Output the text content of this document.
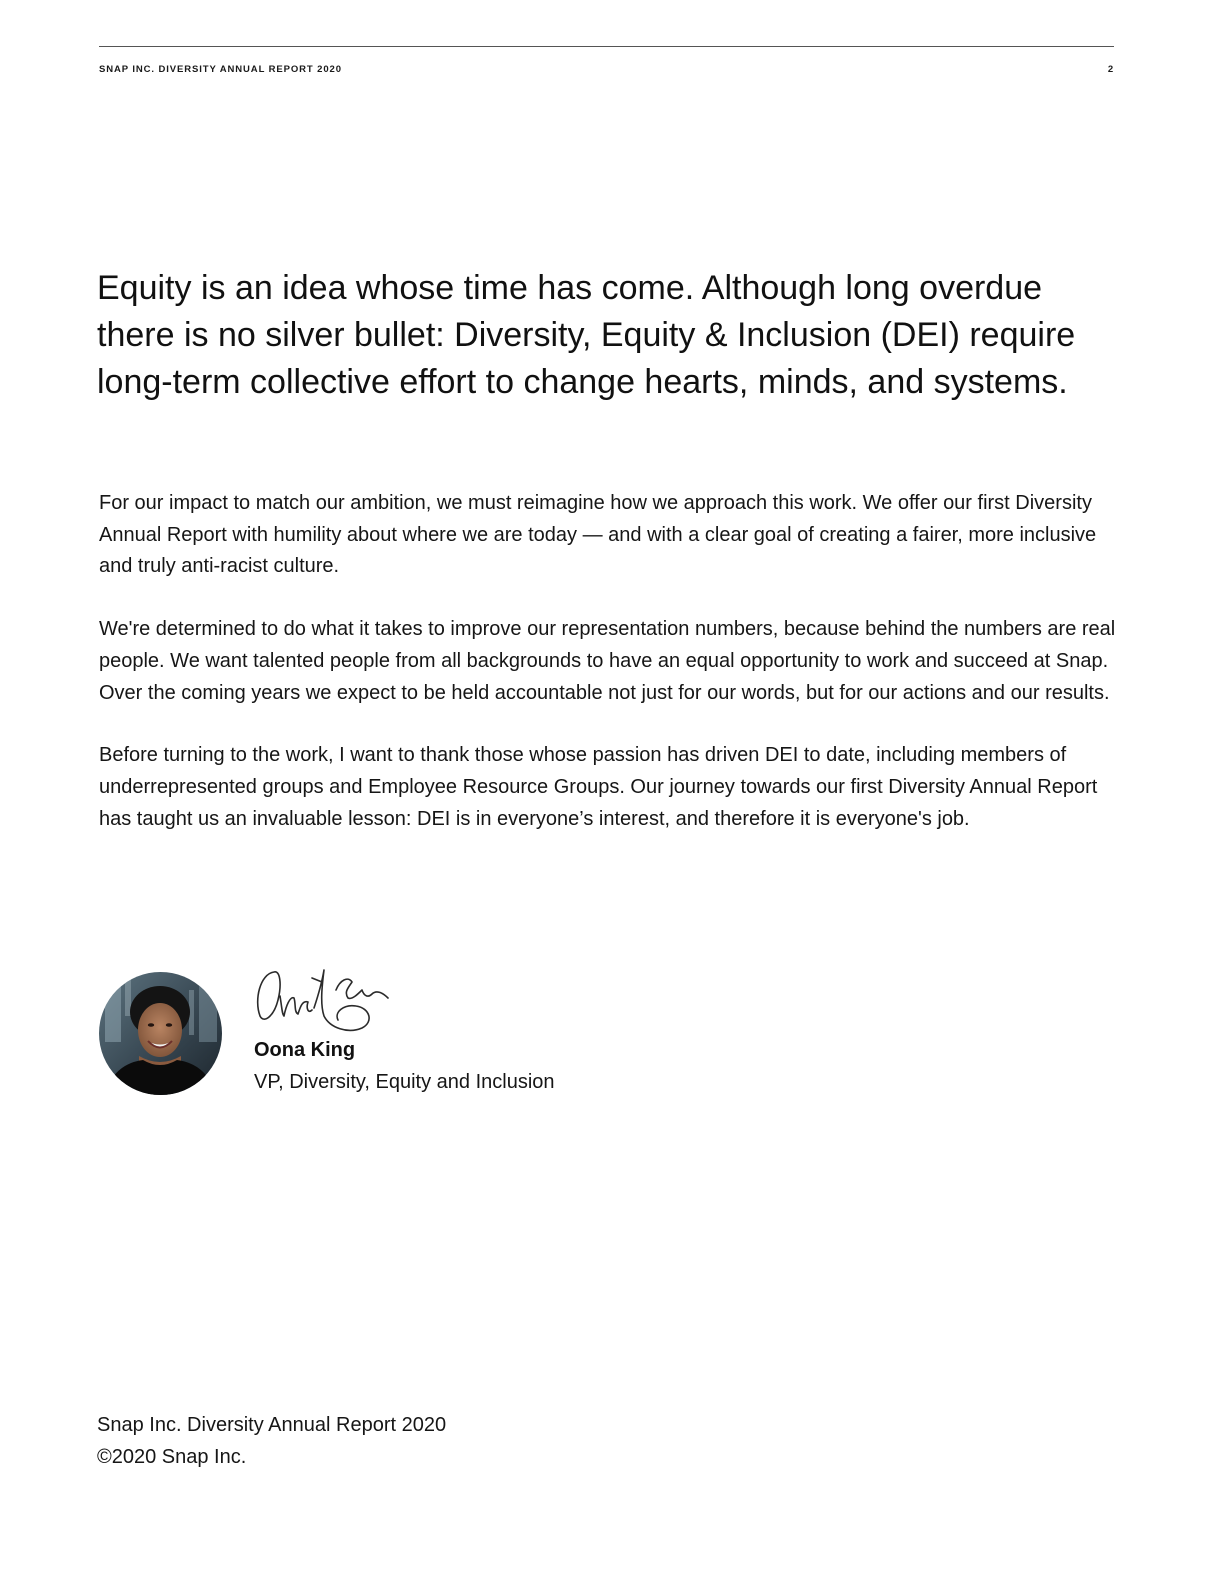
SNAP INC. DIVERSITY ANNUAL REPORT 2020	2
Equity is an idea whose time has come. Although long overdue there is no silver bullet: Diversity, Equity & Inclusion (DEI) require long-term collective effort to change hearts, minds, and systems.

For our impact to match our ambition, we must reimagine how we approach this work. We offer our first Diversity Annual Report with humility about where we are today — and with a clear goal of creating a fairer, more inclusive and truly anti-racist culture.

We're determined to do what it takes to improve our representation numbers, because behind the numbers are real people. We want talented people from all backgrounds to have an equal opportunity to work and succeed at Snap. Over the coming years we expect to be held accountable not just for our words, but for our actions and our results.

Before turning to the work, I want to thank those whose passion has driven DEI to date, including members of underrepresented groups and Employee Resource Groups. Our journey towards our first Diversity Annual Report has taught us an invaluable lesson: DEI is in everyone’s interest, and therefore it is everyone's job.

Oona King
VP, Diversity, Equity and Inclusion
Snap Inc. Diversity Annual Report 2020
©2020 Snap Inc.
